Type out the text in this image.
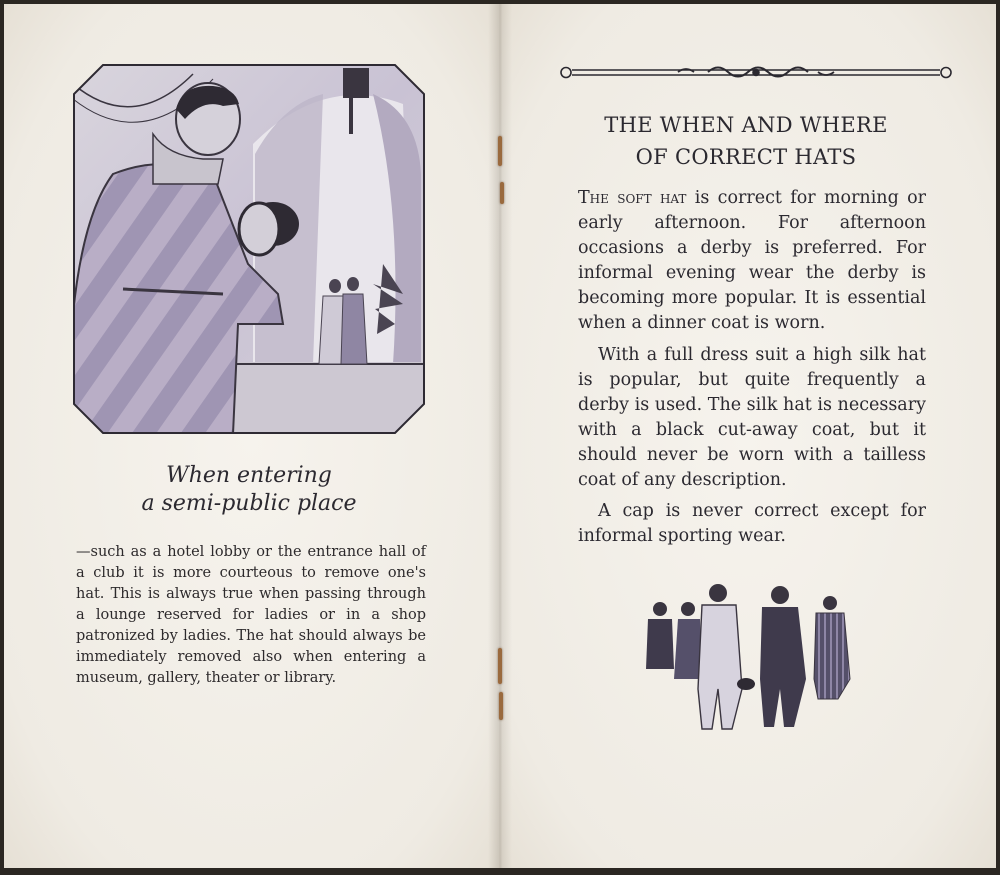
When entering
a semi-public place
—such as a hotel lobby or the entrance hall of a club it is more courteous to remove one's hat. This is always true when passing through a lounge reserved for ladies or in a shop patronized by ladies. The hat should always be immediately removed also when entering a museum, gallery, theater or library.
THE WHEN AND WHERE
OF CORRECT HATS
The soft hat is correct for morning or early afternoon. For afternoon occasions a derby is preferred. For informal evening wear the derby is becoming more popular. It is essential when a dinner coat is worn.
With a full dress suit a high silk hat is popular, but quite frequently a derby is used. The silk hat is necessary with a black cut-away coat, but it should never be worn with a tailless coat of any description.
A cap is never correct except for informal sporting wear.
